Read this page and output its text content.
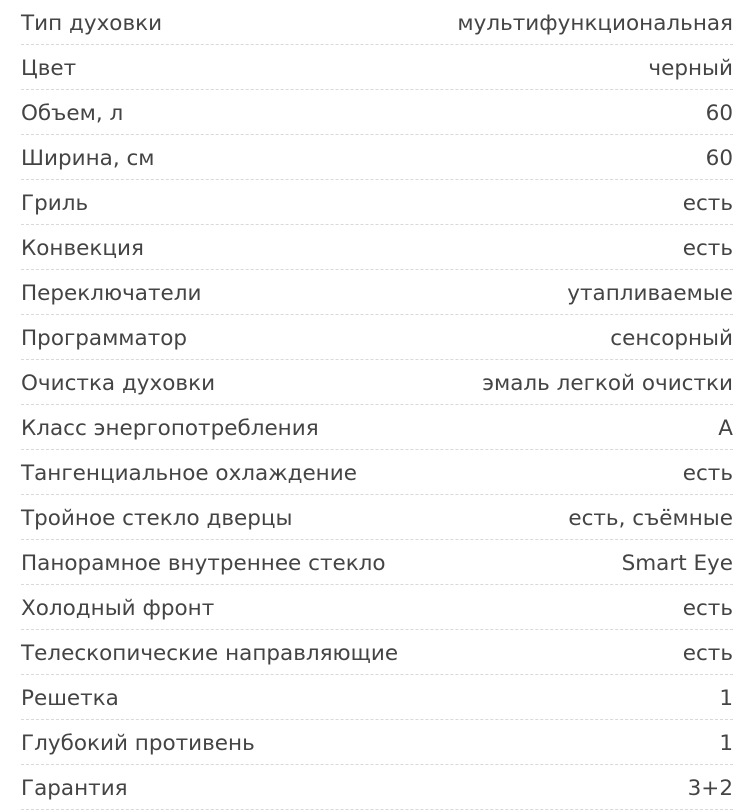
Тип духовки	мультифункциональная
Цвет	черный
Объем, л	60
Ширина, см	60
Гриль	есть
Конвекция	есть
Переключатели	утапливаемые
Программатор	сенсорный
Очистка духовки	эмаль легкой очистки
Класс энергопотребления	А
Тангенциальное охлаждение	есть
Тройное стекло дверцы	есть, съёмные
Панорамное внутреннее стекло	Smart Eye
Холодный фронт	есть
Телескопические направляющие	есть
Решетка	1
Глубокий противень	1
Гарантия	3+2
